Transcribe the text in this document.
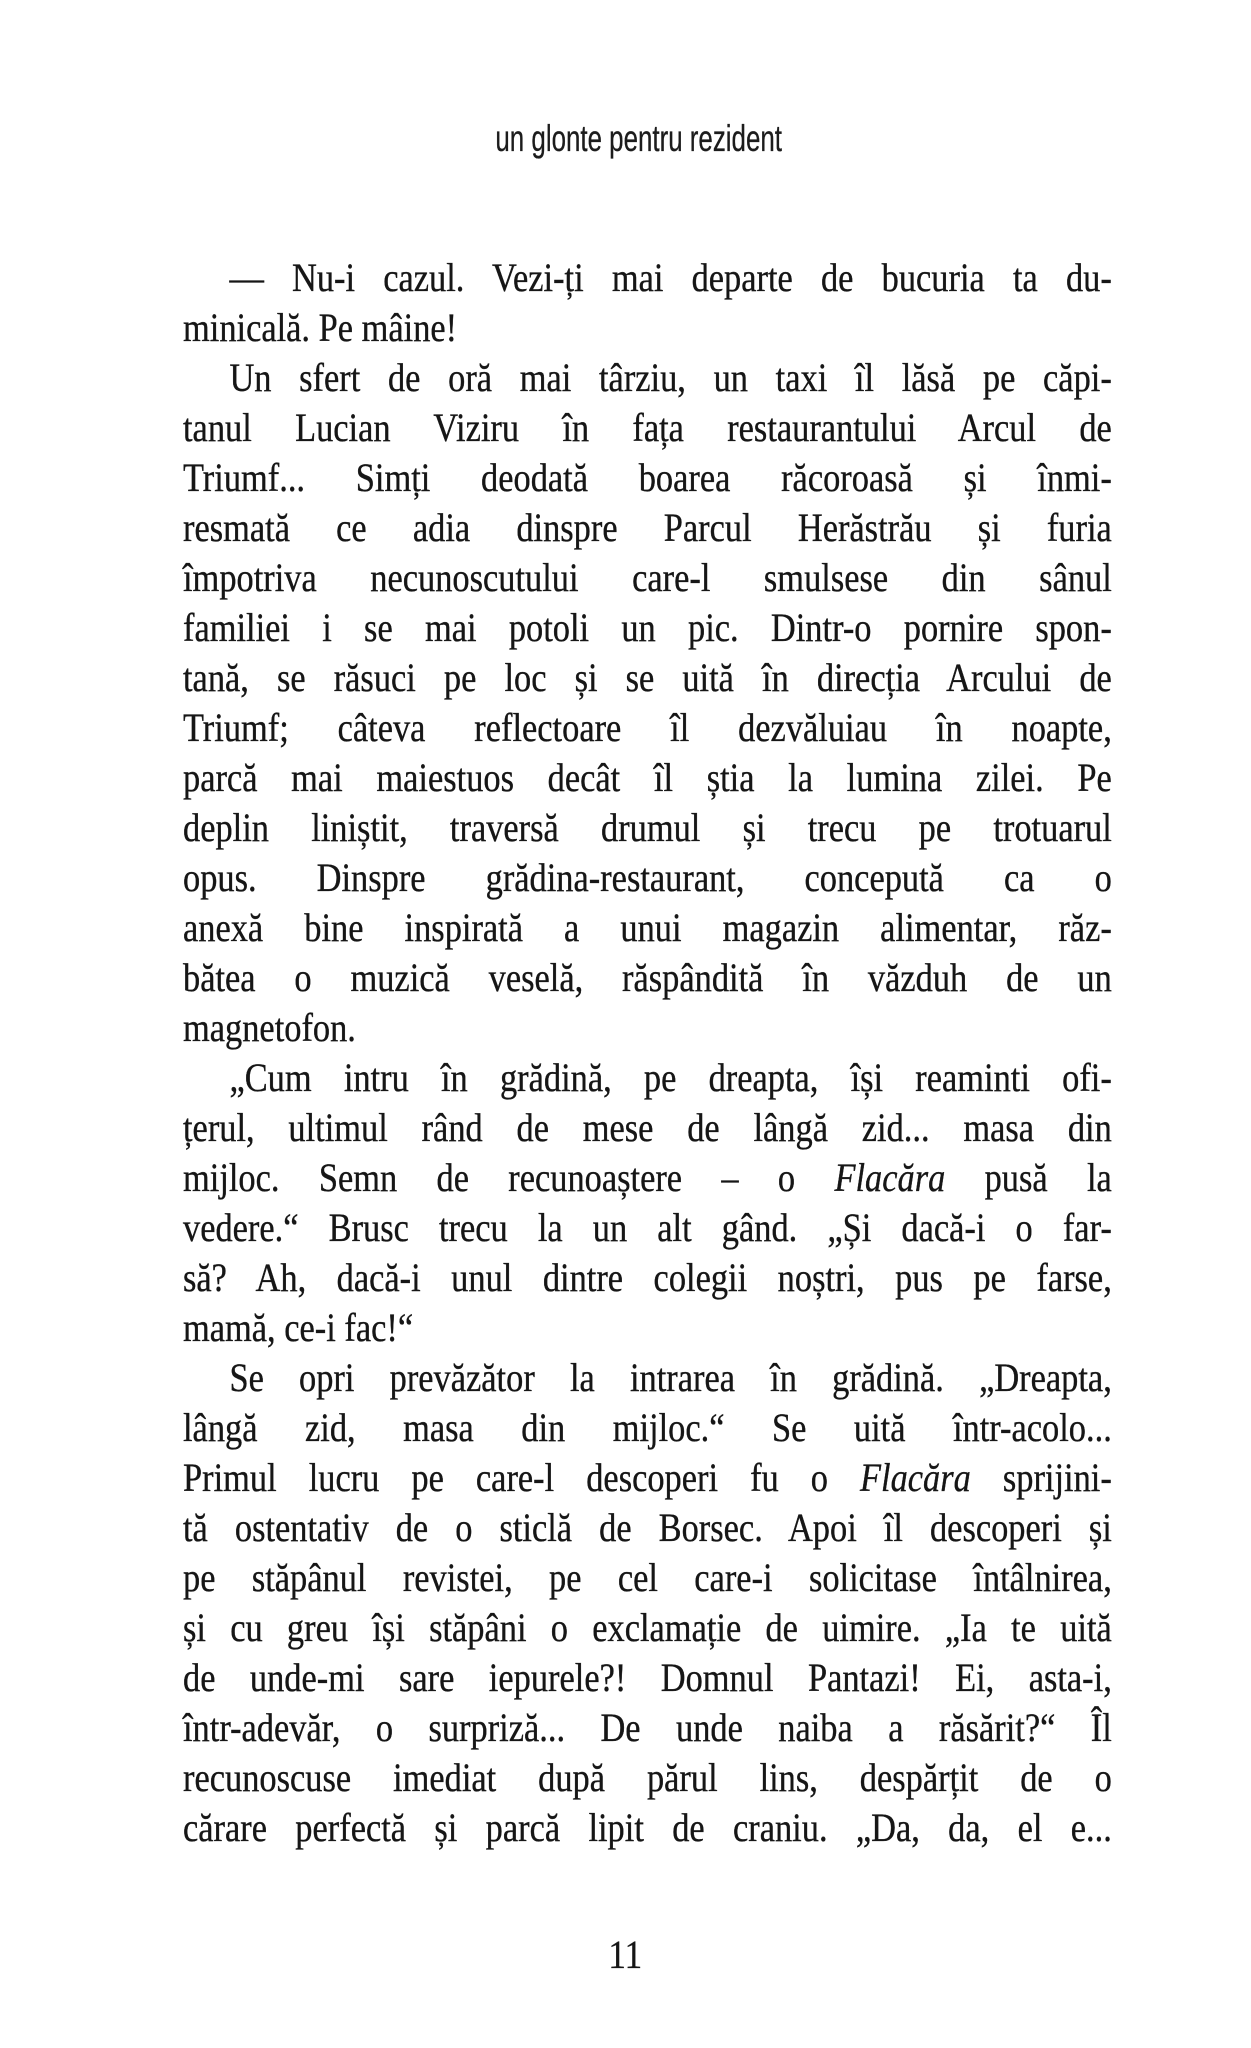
un glonte pentru rezident
— Nu-i cazul. Vezi-ți mai departe de bucuria ta du-
minicală. Pe mâine!
Un sfert de oră mai târziu, un taxi îl lăsă pe căpi-
tanul Lucian Viziru în fața restaurantului Arcul de
Triumf... Simți deodată boarea răcoroasă și înmi-
resmată ce adia dinspre Parcul Herăstrău și furia
împotriva necunoscutului care-l smulsese din sânul
familiei i se mai potoli un pic. Dintr-o pornire spon-
tană, se răsuci pe loc și se uită în direcția Arcului de
Triumf; câteva reflectoare îl dezvăluiau în noapte,
parcă mai maiestuos decât îl știa la lumina zilei. Pe
deplin liniștit, traversă drumul și trecu pe trotuarul
opus. Dinspre grădina-restaurant, concepută ca o
anexă bine inspirată a unui magazin alimentar, răz-
bătea o muzică veselă, răspândită în văzduh de un
magnetofon.
„Cum intru în grădină, pe dreapta, își reaminti ofi-
țerul, ultimul rând de mese de lângă zid... masa din
mijloc. Semn de recunoaștere – o Flacăra pusă la
vedere.“ Brusc trecu la un alt gând. „Și dacă-i o far-
să? Ah, dacă-i unul dintre colegii noștri, pus pe farse,
mamă, ce-i fac!“
Se opri prevăzător la intrarea în grădină. „Dreapta,
lângă zid, masa din mijloc.“ Se uită într-acolo...
Primul lucru pe care-l descoperi fu o Flacăra sprijini-
tă ostentativ de o sticlă de Borsec. Apoi îl descoperi și
pe stăpânul revistei, pe cel care-i solicitase întâlnirea,
și cu greu își stăpâni o exclamație de uimire. „Ia te uită
de unde-mi sare iepurele?! Domnul Pantazi! Ei, asta-i,
într-adevăr, o surpriză... De unde naiba a răsărit?“ Îl
recunoscuse imediat după părul lins, despărțit de o
cărare perfectă și parcă lipit de craniu. „Da, da, el e...
11
